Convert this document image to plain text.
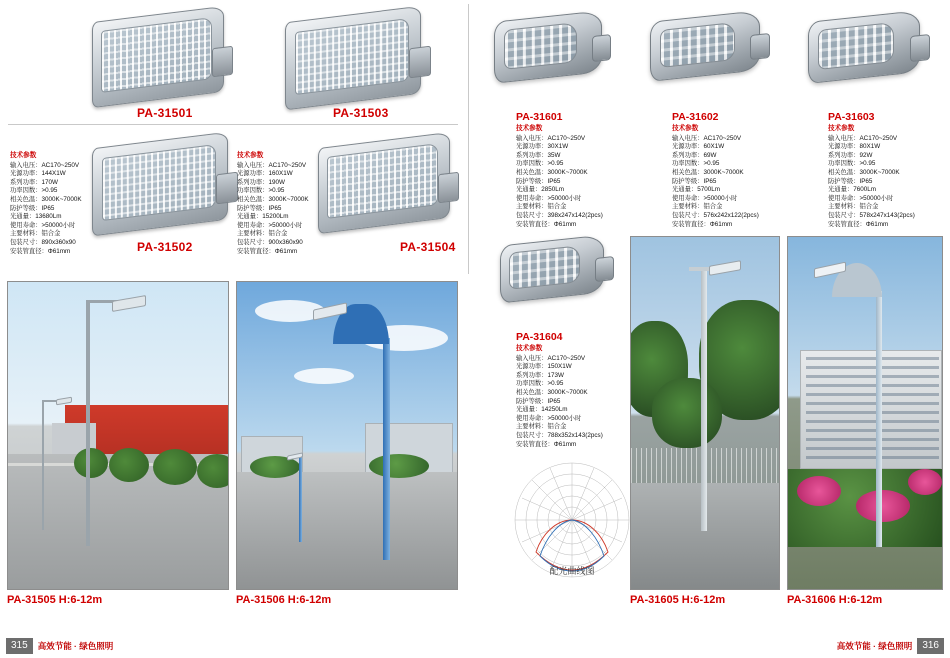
PA-31501	PA-31503
技术参数
输入电压：AC170~250V
光源功率：144X1W
系列功率：170W
功率因数：>0.95
相关色温：3000K~7000K
防护等级：IP65
光通量：13680Lm
使用寿命：>50000小时
主要材料：铝合金
包装尺寸：890x360x90
安装管直径：Φ61mm	PA-31502
技术参数
输入电压：AC170~250V
光源功率：160X1W
系列功率：190W
功率因数：>0.95
相关色温：3000K~7000K
防护等级：IP65
光通量：15200Lm
使用寿命：>50000小时
主要材料：铝合金
包装尺寸：900x360x90
安装管直径：Φ61mm	PA-31504
PA-31601
技术参数
输入电压：AC170~250V
光源功率：30X1W
系列功率：35W
功率因数：>0.95
相关色温：3000K~7000K
防护等级：IP65
光通量：2850Lm
使用寿命：>50000小时
主要材料：铝合金
包装尺寸：398x247x142(2pcs)
安装管直径：Φ61mm
PA-31602
技术参数
输入电压：AC170~250V
光源功率：60X1W
系列功率：69W
功率因数：>0.95
相关色温：3000K~7000K
防护等级：IP65
光通量：5700Lm
使用寿命：>50000小时
主要材料：铝合金
包装尺寸：576x242x122(2pcs)
安装管直径：Φ61mm
PA-31603
技术参数
输入电压：AC170~250V
光源功率：80X1W
系列功率：92W
功率因数：>0.95
相关色温：3000K~7000K
防护等级：IP65
光通量：7600Lm
使用寿命：>50000小时
主要材料：铝合金
包装尺寸：578x247x143(2pcs)
安装管直径：Φ61mm
PA-31604
技术参数
输入电压：AC170~250V
光源功率：150X1W
系列功率：173W
功率因数：>0.95
相关色温：3000K~7000K
防护等级：IP65
光通量：14250Lm
使用寿命：>50000小时
主要材料：铝合金
包装尺寸：788x352x143(2pcs)
安装管直径：Φ61mm
PA-31505 H:6-12m	PA-31506 H:6-12m
配光曲线图
PA-31605 H:6-12m	PA-31606 H:6-12m
315	高效节能 · 绿色照明	高效节能 · 绿色照明	316
